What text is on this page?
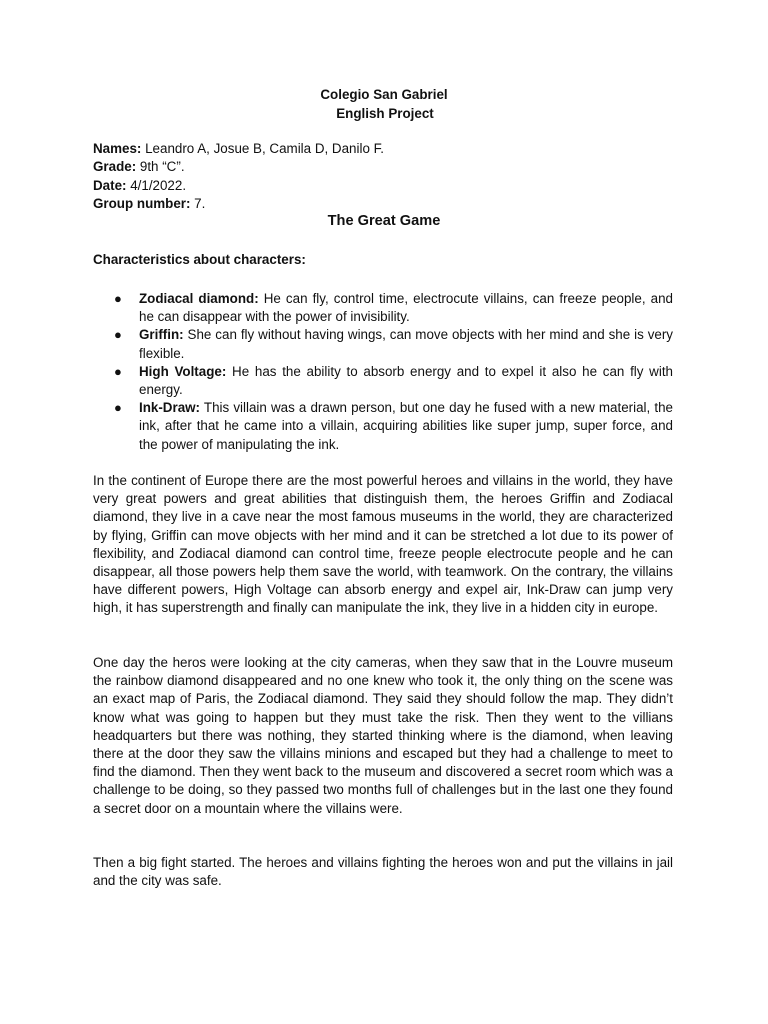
Colegio San Gabriel
English Project
Names: Leandro A, Josue B, Camila D, Danilo F.
Grade: 9th “C”.
Date: 4/1/2022.
Group number: 7.
The Great Game
Characteristics about characters:
● Zodiacal diamond: He can fly, control time, electrocute villains, can freeze people, and he can disappear with the power of invisibility.
● Griffin: She can fly without having wings, can move objects with her mind and she is very flexible.
● High Voltage: He has the ability to absorb energy and to expel it also he can fly with energy.
● Ink-Draw: This villain was a drawn person, but one day he fused with a new material, the ink, after that he came into a villain, acquiring abilities like super jump, super force, and the power of manipulating the ink.

In the continent of Europe there are the most powerful heroes and villains in the world, they have very great powers and great abilities that distinguish them, the heroes Griffin and Zodiacal diamond, they live in a cave near the most famous museums in the world, they are characterized by flying, Griffin can move objects with her mind and it can be stretched a lot due to its power of flexibility, and Zodiacal diamond can control time, freeze people electrocute people and he can disappear, all those powers help them save the world, with teamwork. On the contrary, the villains have different powers, High Voltage can absorb energy and expel air, Ink-Draw can jump very high, it has superstrength and finally can manipulate the ink, they live in a hidden city in europe.

One day the heros were looking at the city cameras, when they saw that in the Louvre museum the rainbow diamond disappeared and no one knew who took it, the only thing on the scene was an exact map of Paris, the Zodiacal diamond. They said they should follow the map. They didn’t know what was going to happen but they must take the risk. Then they went to the villians headquarters but there was nothing, they started thinking where is the diamond, when leaving there at the door they saw the villains minions and escaped but they had a challenge to meet to find the diamond. Then they went back to the museum and discovered a secret room which was a challenge to be doing, so they passed two months full of challenges but in the last one they found a secret door on a mountain where the villains were.

Then a big fight started. The heroes and villains fighting the heroes won and put the villains in jail and the city was safe.
